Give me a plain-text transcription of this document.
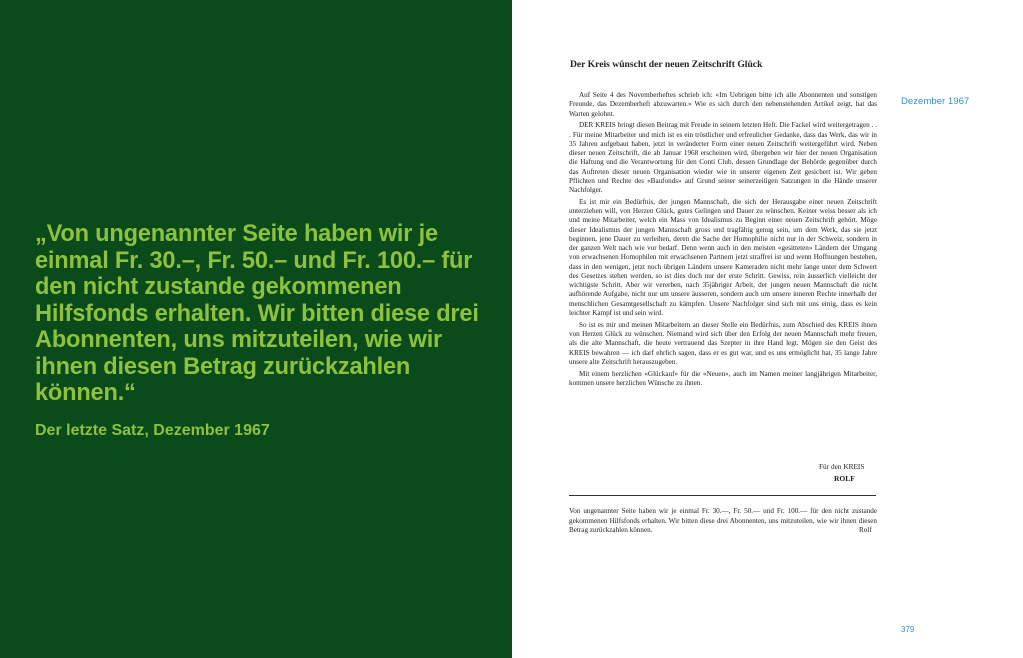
„Von ungenannter Seite haben wir je einmal Fr. 30.–, Fr. 50.– und Fr. 100.– für den nicht zustande gekommenen Hilfsfonds erhalten. Wir bitten diese drei Abonnenten, uns mitzuteilen, wie wir ihnen diesen Betrag zurückzahlen können.“

Der letzte Satz, Dezember 1967

Der Kreis wünscht der neuen Zeitschrift Glück

Dezember 1967

Auf Seite 4 des Novemberheftes schrieb ich: «Im Uebrigen bitte ich alle Abonnenten und sonstigen Freunde, das Dezemberheft abzuwarten.» Wie es sich durch den nebenstehenden Artikel zeigt, hat das Warten gelohnt.

DER KREIS bringt diesen Beitrag mit Freude in seinem letzten Heft. Die Fackel wird weitergetragen . . . Für meine Mitarbeiter und mich ist es ein tröstlicher und erfreulicher Gedanke, dass das Werk, das wir in 35 Jahren aufgebaut haben, jetzt in veränderter Form einer neuen Zeitschrift weitergeführt wird. Neben dieser neuen Zeitschrift, die ab Januar 1968 erscheinen wird, übergeben wir hier der neuen Organisation die Haftung und die Verantwortung für den Conti Club, dessen Grundlage der Behörde gegenüber durch das Auftreten dieser neuen Organisation wieder wie in unserer eigenen Zeit gesichert ist. Wir geben Pflichten und Rechte des «Baufonds» auf Grund seiner seinerzeitigen Satzungen in die Hände unserer Nachfolger.

Es ist mir ein Bedürfnis, der jungen Mannschaft, die sich der Herausgabe einer neuen Zeitschrift unterziehen will, von Herzen Glück, gutes Gelingen und Dauer zu wünschen. Keiner weiss besser als ich und meine Mitarbeiter, welch ein Mass von Idealismus zu Beginn einer neuen Zeitschrift gehört. Möge dieser Idealismus der jungen Mannschaft gross und tragfähig genug sein, um dem Werk, das sie jetzt beginnen, jene Dauer zu verleihen, deren die Sache der Homophilie nicht nur in der Schweiz, sondern in der ganzen Welt nach wie vor bedarf. Denn wenn auch in den meisten «gesitteten» Ländern der Umgang von erwachsenen Homophilen mit erwachsenen Partnern jetzt straffrei ist und wenn Hoffnungen bestehen, dass in den wenigen, jetzt noch übrigen Ländern unsere Kameraden nicht mehr lange unter dem Schwert des Gesetzes stehen werden, so ist dies doch nur der erste Schritt. Gewiss, rein äusserlich vielleicht der wichtigste Schritt. Aber wir vererben, nach 35jähriger Arbeit, der jungen neuen Mannschaft die nicht aufhörende Aufgabe, nicht nur um unsere äusseren, sondern auch um unsere inneren Rechte innerhalb der menschlichen Gesamtgesellschaft zu kämpfen. Unsere Nachfolger sind sich mit uns einig, dass es kein leichter Kampf ist und sein wird.

So ist es mir und meinen Mitarbeitern an dieser Stelle ein Bedürfnis, zum Abschied des KREIS ihnen von Herzen Glück zu wünschen. Niemand wird sich über den Erfolg der neuen Mannschaft mehr freuen, als die alte Mannschaft, die heute vertrauend das Szepter in ihre Hand legt. Mögen sie den Geist des KREIS bewahren — ich darf ehrlich sagen, dass er es gut war, und es uns ermöglicht hat, 35 lange Jahre unsere alte Zeitschrift herauszugeben.

Mit einem herzlichen «Glückauf» für die «Neuen», auch im Namen meiner langjährigen Mitarbeiter, kommen unsere herzlichen Wünsche zu ihnen.

Für den KREIS

ROLF

Von ungenannter Seite haben wir je einmal Fr. 30.—, Fr. 50.— und Fr. 100.— für den nicht zustande gekommenen Hilfsfonds erhalten. Wir bitten diese drei Abonnenten, uns mitzuteilen, wie wir ihnen diesen Betrag zurückzahlen können.	Rolf

379
